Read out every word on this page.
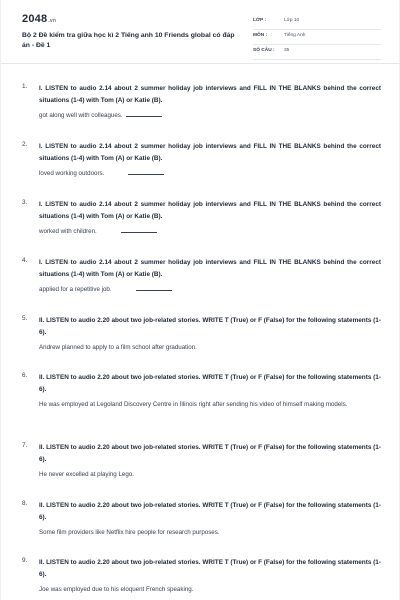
2048.vn
Bộ 2 Đề kiểm tra giữa học kì 2 Tiếng anh 10 Friends global có đáp án - Đề 1
LỚP :	Lớp 10
MÔN :	Tiếng Anh
SỐ CÂU : 35
1. I. LISTEN to audio 2.14 about 2 summer holiday job interviews and FILL IN THE BLANKS behind the correct situations (1-4) with Tom (A) or Katie (B).
got along well with colleagues.
2. I. LISTEN to audio 2.14 about 2 summer holiday job interviews and FILL IN THE BLANKS behind the correct situations (1-4) with Tom (A) or Katie (B).
loved working outdoors.
3. I. LISTEN to audio 2.14 about 2 summer holiday job interviews and FILL IN THE BLANKS behind the correct situations (1-4) with Tom (A) or Katie (B).
worked with children.
4. I. LISTEN to audio 2.14 about 2 summer holiday job interviews and FILL IN THE BLANKS behind the correct situations (1-4) with Tom (A) or Katie (B).
applied for a repetitive job.
5. II. LISTEN to audio 2.20 about two job-related stories. WRITE T (True) or F (False) for the following statements (1-6).
Andrew planned to apply to a film school after graduation.
6. II. LISTEN to audio 2.20 about two job-related stories. WRITE T (True) or F (False) for the following statements (1-6).
He was employed at Legoland Discovery Centre in Illinois right after sending his video of himself making models.
7. II. LISTEN to audio 2.20 about two job-related stories. WRITE T (True) or F (False) for the following statements (1-6).
He never excelled at playing Lego.
8. II. LISTEN to audio 2.20 about two job-related stories. WRITE T (True) or F (False) for the following statements (1-6).
Some film providers like Netflix hire people for research purposes.
9. II. LISTEN to audio 2.20 about two job-related stories. WRITE T (True) or F (False) for the following statements (1-6).
Joe was employed due to his eloquent French speaking.
